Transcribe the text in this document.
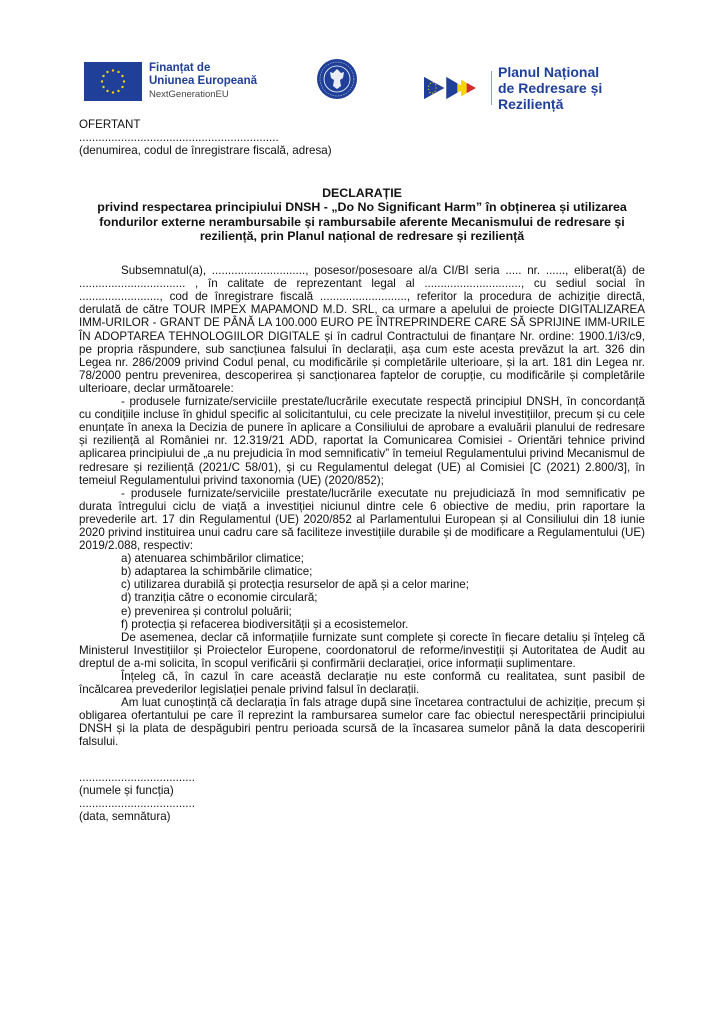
Finanțat de
Uniunea Europeană
NextGenerationEU
Planul Național
de Redresare și Reziliență

OFERTANT

..............................................................

(denumirea, codul de înregistrare fiscală, adresa)

DECLARAȚIE
privind respectarea principiului DNSH - „Do No Significant Harm” în obținerea și utilizarea fondurilor externe nerambursabile și rambursabile aferente Mecanismului de redresare și reziliență, prin Planul național de redresare și reziliență

Subsemnatul(a), ............................., posesor/posesoare al/a CI/BI seria ..... nr. ......, eliberat(ă) de ................................. , în calitate de reprezentant legal al .............................., cu sediul social în ........................., cod de înregistrare fiscală ..........................., referitor la procedura de achiziție directă, derulată de către TOUR IMPEX MAPAMOND M.D. SRL, ca urmare a apelului de proiecte DIGITALIZAREA IMM-URILOR - GRANT DE PÂNĂ LA 100.000 EURO PE ÎNTREPRINDERE CARE SĂ SPRIJINE IMM-URILE ÎN ADOPTAREA TEHNOLOGIILOR DIGITALE și în cadrul Contractului de finanțare Nr. ordine: 1900.1/i3/c9, pe propria răspundere, sub sancțiunea falsului în declarații, așa cum este acesta prevăzut la art. 326 din Legea nr. 286/2009 privind Codul penal, cu modificările și completările ulterioare, și la art. 181 din Legea nr. 78/2000 pentru prevenirea, descoperirea și sancționarea faptelor de corupție, cu modificările și completările ulterioare, declar următoarele:

- produsele furnizate/serviciile prestate/lucrările executate respectă principiul DNSH, în concordanță cu condițiile incluse în ghidul specific al solicitantului, cu cele precizate la nivelul investițiilor, precum și cu cele enunțate în anexa la Decizia de punere în aplicare a Consiliului de aprobare a evaluării planului de redresare și reziliență al României nr. 12.319/21 ADD, raportat la Comunicarea Comisiei - Orientări tehnice privind aplicarea principiului de „a nu prejudicia în mod semnificativ” în temeiul Regulamentului privind Mecanismul de redresare și reziliență (2021/C 58/01), și cu Regulamentul delegat (UE) al Comisiei [C (2021) 2.800/3], în temeiul Regulamentului privind taxonomia (UE) (2020/852);

- produsele furnizate/serviciile prestate/lucrările executate nu prejudiciază în mod semnificativ pe durata întregului ciclu de viață a investiției niciunul dintre cele 6 obiective de mediu, prin raportare la prevederile art. 17 din Regulamentul (UE) 2020/852 al Parlamentului European și al Consiliului din 18 iunie 2020 privind instituirea unui cadru care să faciliteze investițiile durabile și de modificare a Regulamentului (UE) 2019/2.088, respectiv:

a) atenuarea schimbărilor climatice;

b) adaptarea la schimbările climatice;

c) utilizarea durabilă și protecția resurselor de apă și a celor marine;

d) tranziția către o economie circulară;

e) prevenirea și controlul poluării;

f) protecția și refacerea biodiversității și a ecosistemelor.

De asemenea, declar că informațiile furnizate sunt complete și corecte în fiecare detaliu și înțeleg că Ministerul Investițiilor și Proiectelor Europene, coordonatorul de reforme/investiții și Autoritatea de Audit au dreptul de a-mi solicita, în scopul verificării și confirmării declarației, orice informații suplimentare.

Înțeleg că, în cazul în care această declarație nu este conformă cu realitatea, sunt pasibil de încălcarea prevederilor legislației penale privind falsul în declarații.

Am luat cunoștință că declarația în fals atrage după sine încetarea contractului de achiziție, precum și obligarea ofertantului pe care îl reprezint la rambursarea sumelor care fac obiectul nerespectării principiului DNSH și la plata de despăgubiri pentru perioada scursă de la încasarea sumelor până la data descoperirii falsului.

....................................

(numele și funcția)

....................................

(data, semnătura)
